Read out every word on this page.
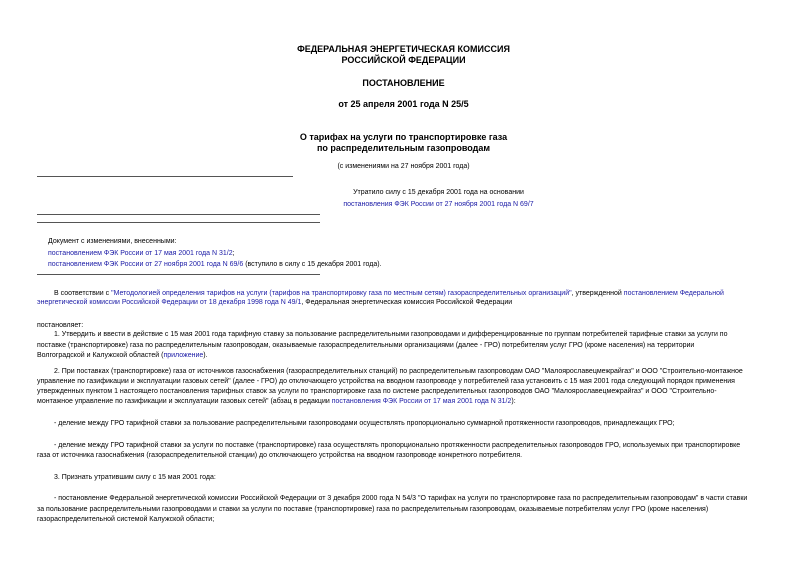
ФЕДЕРАЛЬНАЯ ЭНЕРГЕТИЧЕСКАЯ КОМИССИЯ
РОССИЙСКОЙ ФЕДЕРАЦИИ
ПОСТАНОВЛЕНИЕ
от 25 апреля 2001 года N 25/5
О тарифах на услуги по транспортировке газа
по распределительным газопроводам
(с изменениями на 27 ноября 2001 года)
Утратило силу с 15 декабря 2001 года на основании
постановления ФЭК России от 27 ноября 2001 года N 69/7
Документ с изменениями, внесенными:
постановлением ФЭК России от 17 мая 2001 года N 31/2;
постановлением ФЭК России от 27 ноября 2001 года N 69/6 (вступило в силу с 15 декабря 2001 года).
В соответствии с "Методологией определения тарифов на услуги (тарифов на транспортировку газа по местным сетям) газораспределительных организаций", утвержденной постановлением Федеральной
энергетической комиссии Российской Федерации от 18 декабря 1998 года N 49/1, Федеральная энергетическая комиссия Российской Федерации
постановляет:
1. Утвердить и ввести в действие с 15 мая 2001 года тарифную ставку за пользование распределительными газопроводами и дифференцированные по группам потребителей тарифные ставки за услуги по
поставке (транспортировке) газа по распределительным газопроводам, оказываемые газораспределительными организациями (далее - ГРО) потребителям услуг ГРО (кроме населения) на территории
Волгоградской и Калужской областей (приложение).
2. При поставках (транспортировке) газа от источников газоснабжения (газораспределительных станций) по распределительным газопроводам ОАО "Малоярославецмежрайгаз" и ООО "Строительно-монтажное
управление по газификации и эксплуатации газовых сетей" (далее - ГРО) до отключающего устройства на вводном газопроводе у потребителей газа установить с 15 мая 2001 года следующий порядок применения
утвержденных пунктом 1 настоящего постановления тарифных ставок за услуги по транспортировке газа по системе распределительных газопроводов ОАО "Малоярославецмежрайгаз" и ООО "Строительно-
монтажное управление по газификации и эксплуатации газовых сетей" (абзац в редакции постановления ФЭК России от 17 мая 2001 года N 31/2):
- деление между ГРО тарифной ставки за пользование распределительными газопроводами осуществлять пропорционально суммарной протяженности газопроводов, принадлежащих ГРО;
- деление между ГРО тарифной ставки за услуги по поставке (транспортировке) газа осуществлять пропорционально протяженности распределительных газопроводов ГРО, используемых при транспортировке
газа от источника газоснабжения (газораспределительной станции) до отключающего устройства на вводном газопроводе конкретного потребителя.
3. Признать утратившим силу с 15 мая 2001 года:
- постановление Федеральной энергетической комиссии Российской Федерации от 3 декабря 2000 года N 54/3 "О тарифах на услуги по транспортировке газа по распределительным газопроводам" в части ставки
за пользование распределительными газопроводами и ставки за услуги по поставке (транспортировке) газа по распределительным газопроводам, оказываемые потребителям услуг ГРО (кроме населения)
газораспределительной системой Калужской области;
